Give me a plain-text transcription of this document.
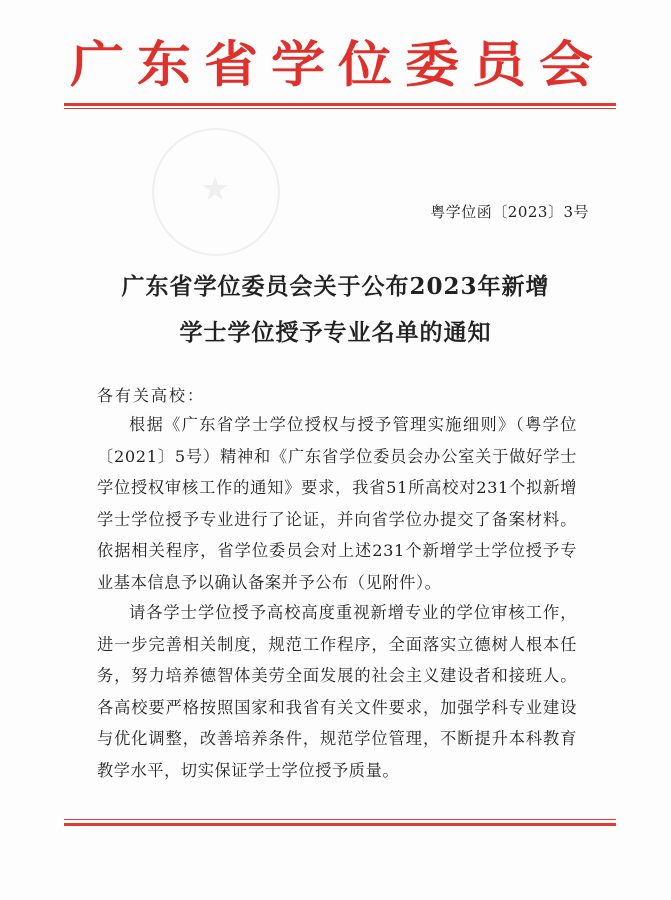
广东省学位委员会
粤学位函〔2023〕3号
广东省学位委员会关于公布2023年新增
学士学位授予专业名单的通知
各有关高校：
根据《广东省学士学位授权与授予管理实施细则》（粤学位〔2021〕5号）精神和《广东省学位委员会办公室关于做好学士学位授权审核工作的通知》要求，我省51所高校对231个拟新增学士学位授予专业进行了论证，并向省学位办提交了备案材料。依据相关程序，省学位委员会对上述231个新增学士学位授予专业基本信息予以确认备案并予公布（见附件）。
请各学士学位授予高校高度重视新增专业的学位审核工作，进一步完善相关制度，规范工作程序，全面落实立德树人根本任务，努力培养德智体美劳全面发展的社会主义建设者和接班人。各高校要严格按照国家和我省有关文件要求，加强学科专业建设与优化调整，改善培养条件，规范学位管理，不断提升本科教育教学水平，切实保证学士学位授予质量。
